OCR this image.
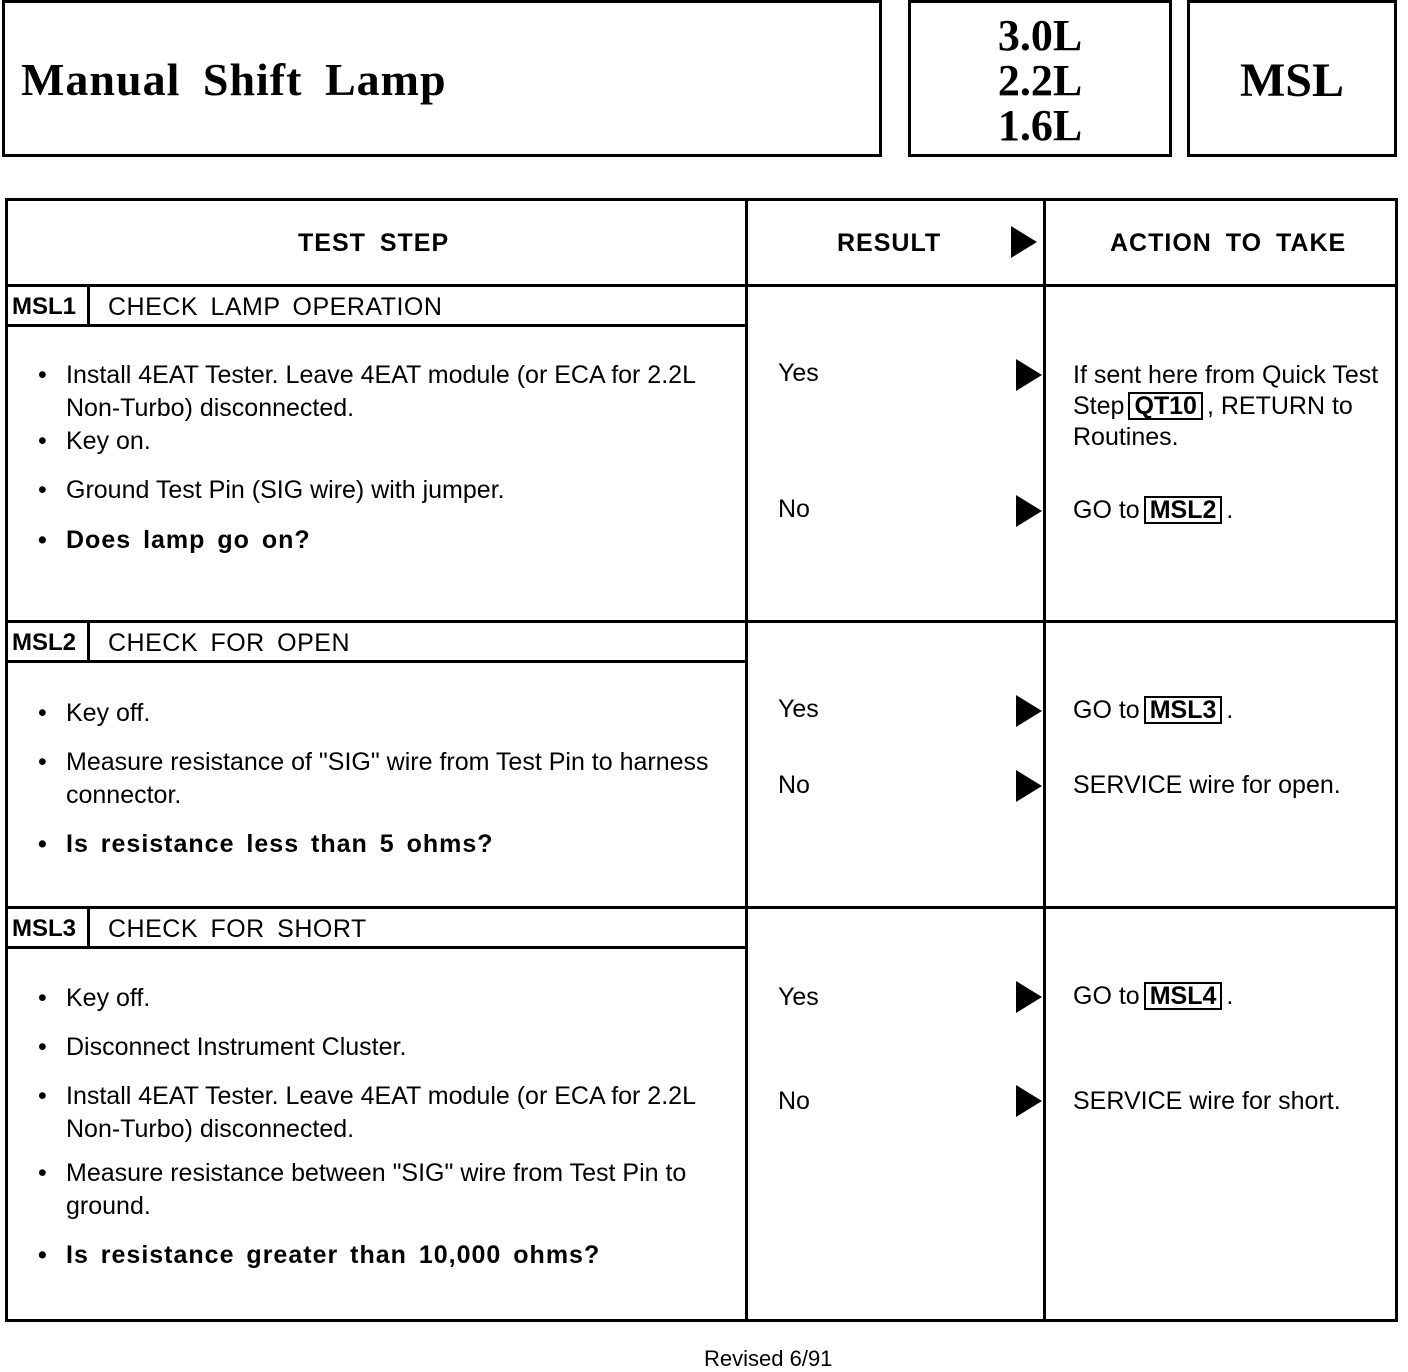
Manual Shift Lamp
3.0L
2.2L
1.6L
MSL
TEST STEP	RESULT	ACTION TO TAKE
MSL1	CHECK LAMP OPERATION
• Install 4EAT Tester. Leave 4EAT module (or ECA for 2.2L Non-Turbo) disconnected.
• Key on.
• Ground Test Pin (SIG wire) with jumper.
• Does lamp go on?
Yes	If sent here from Quick Test Step QT10 , RETURN to Routines.
No	GO to MSL2 .
MSL2	CHECK FOR OPEN
• Key off.
• Measure resistance of "SIG" wire from Test Pin to harness connector.
• Is resistance less than 5 ohms?
Yes	GO to MSL3 .
No	SERVICE wire for open.
MSL3	CHECK FOR SHORT
• Key off.
• Disconnect Instrument Cluster.
• Install 4EAT Tester. Leave 4EAT module (or ECA for 2.2L Non-Turbo) disconnected.
• Measure resistance between "SIG" wire from Test Pin to ground.
• Is resistance greater than 10,000 ohms?
Yes	GO to MSL4 .
No	SERVICE wire for short.
Revised 6/91
